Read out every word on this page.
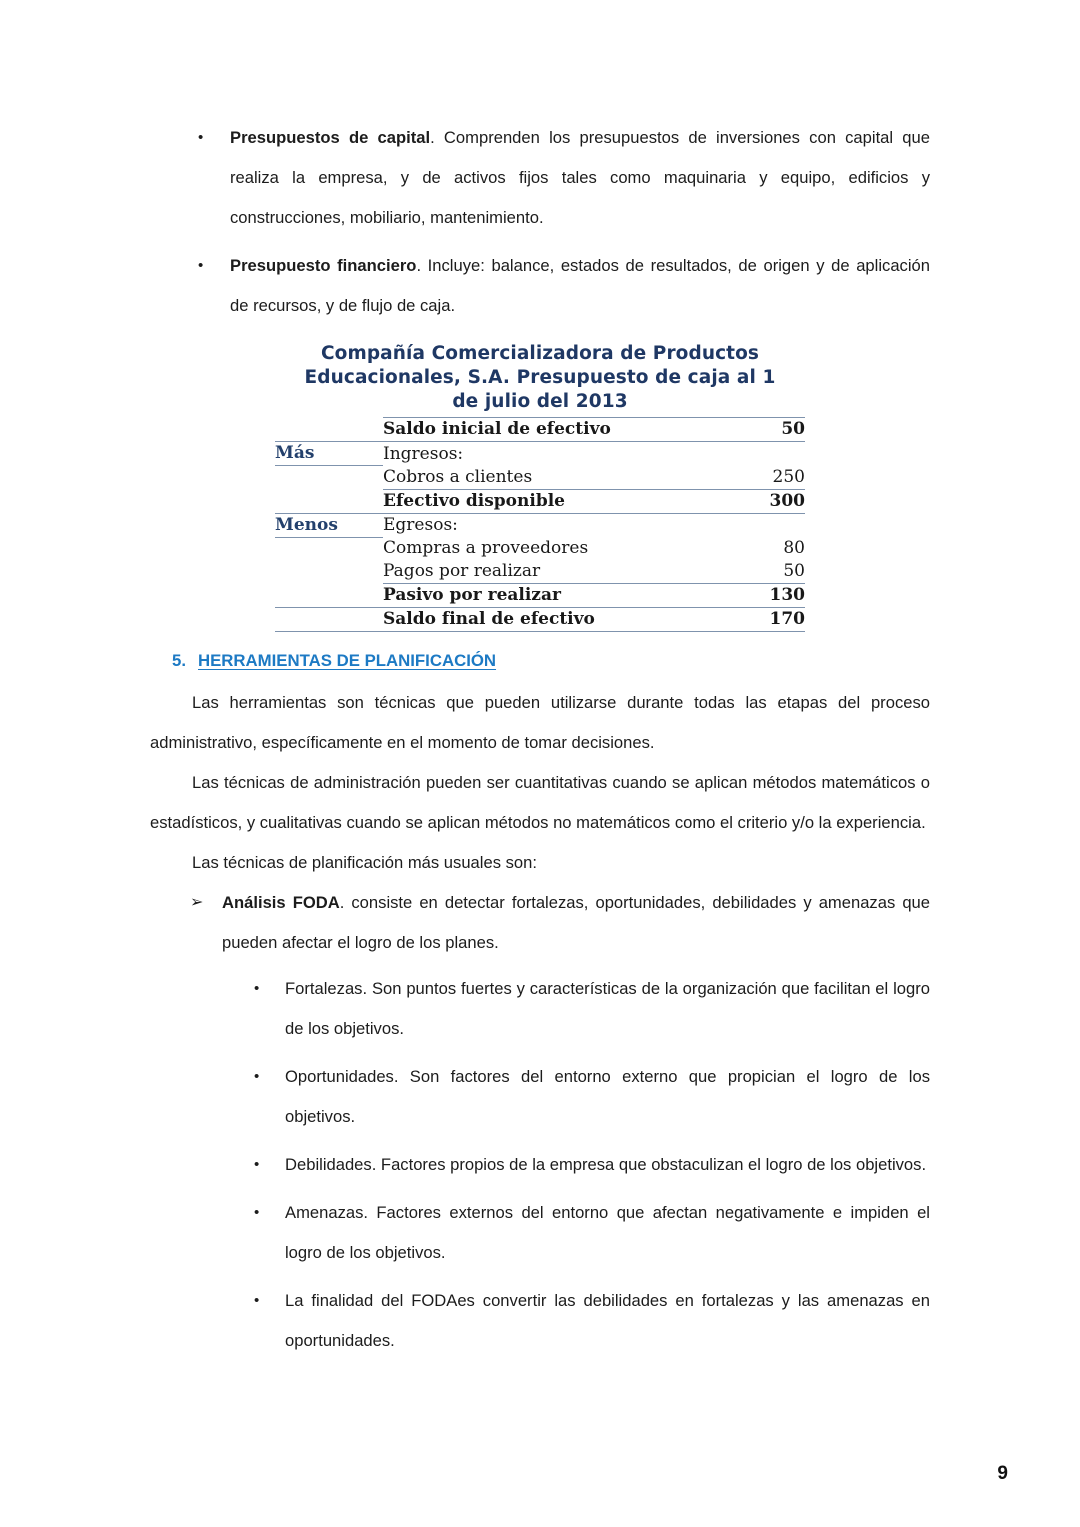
• Presupuestos de capital. Comprenden los presupuestos de inversiones con capital que realiza la empresa, y de activos fijos tales como maquinaria y equipo, edificios y construcciones, mobiliario, mantenimiento.
• Presupuesto financiero. Incluye: balance, estados de resultados, de origen y de aplicación de recursos, y de flujo de caja.
Compañía Comercializadora de Productos
Educacionales, S.A. Presupuesto de caja al 1
de julio del 2013
	Saldo inicial de efectivo	50
Más	Ingresos:	
	Cobros a clientes	250
	Efectivo disponible	300
Menos	Egresos:	
	Compras a proveedores	80
	Pagos por realizar	50
	Pasivo por realizar	130
	Saldo final de efectivo	170
5. HERRAMIENTAS DE PLANIFICACIÓN

Las herramientas son técnicas que pueden utilizarse durante todas las etapas del proceso administrativo, específicamente en el momento de tomar decisiones.

Las técnicas de administración pueden ser cuantitativas cuando se aplican métodos matemáticos o estadísticos, y cualitativas cuando se aplican métodos no matemáticos como el criterio y/o la experiencia.

Las técnicas de planificación más usuales son:

➢ Análisis FODA. consiste en detectar fortalezas, oportunidades, debilidades y amenazas que pueden afectar el logro de los planes.
• Fortalezas. Son puntos fuertes y características de la organización que facilitan el logro de los objetivos.
• Oportunidades. Son factores del entorno externo que propician el logro de los objetivos.
• Debilidades. Factores propios de la empresa que obstaculizan el logro de los objetivos.
• Amenazas. Factores externos del entorno que afectan negativamente e impiden el logro de los objetivos.
• La finalidad del FODAes convertir las debilidades en fortalezas y las amenazas en oportunidades.
9
